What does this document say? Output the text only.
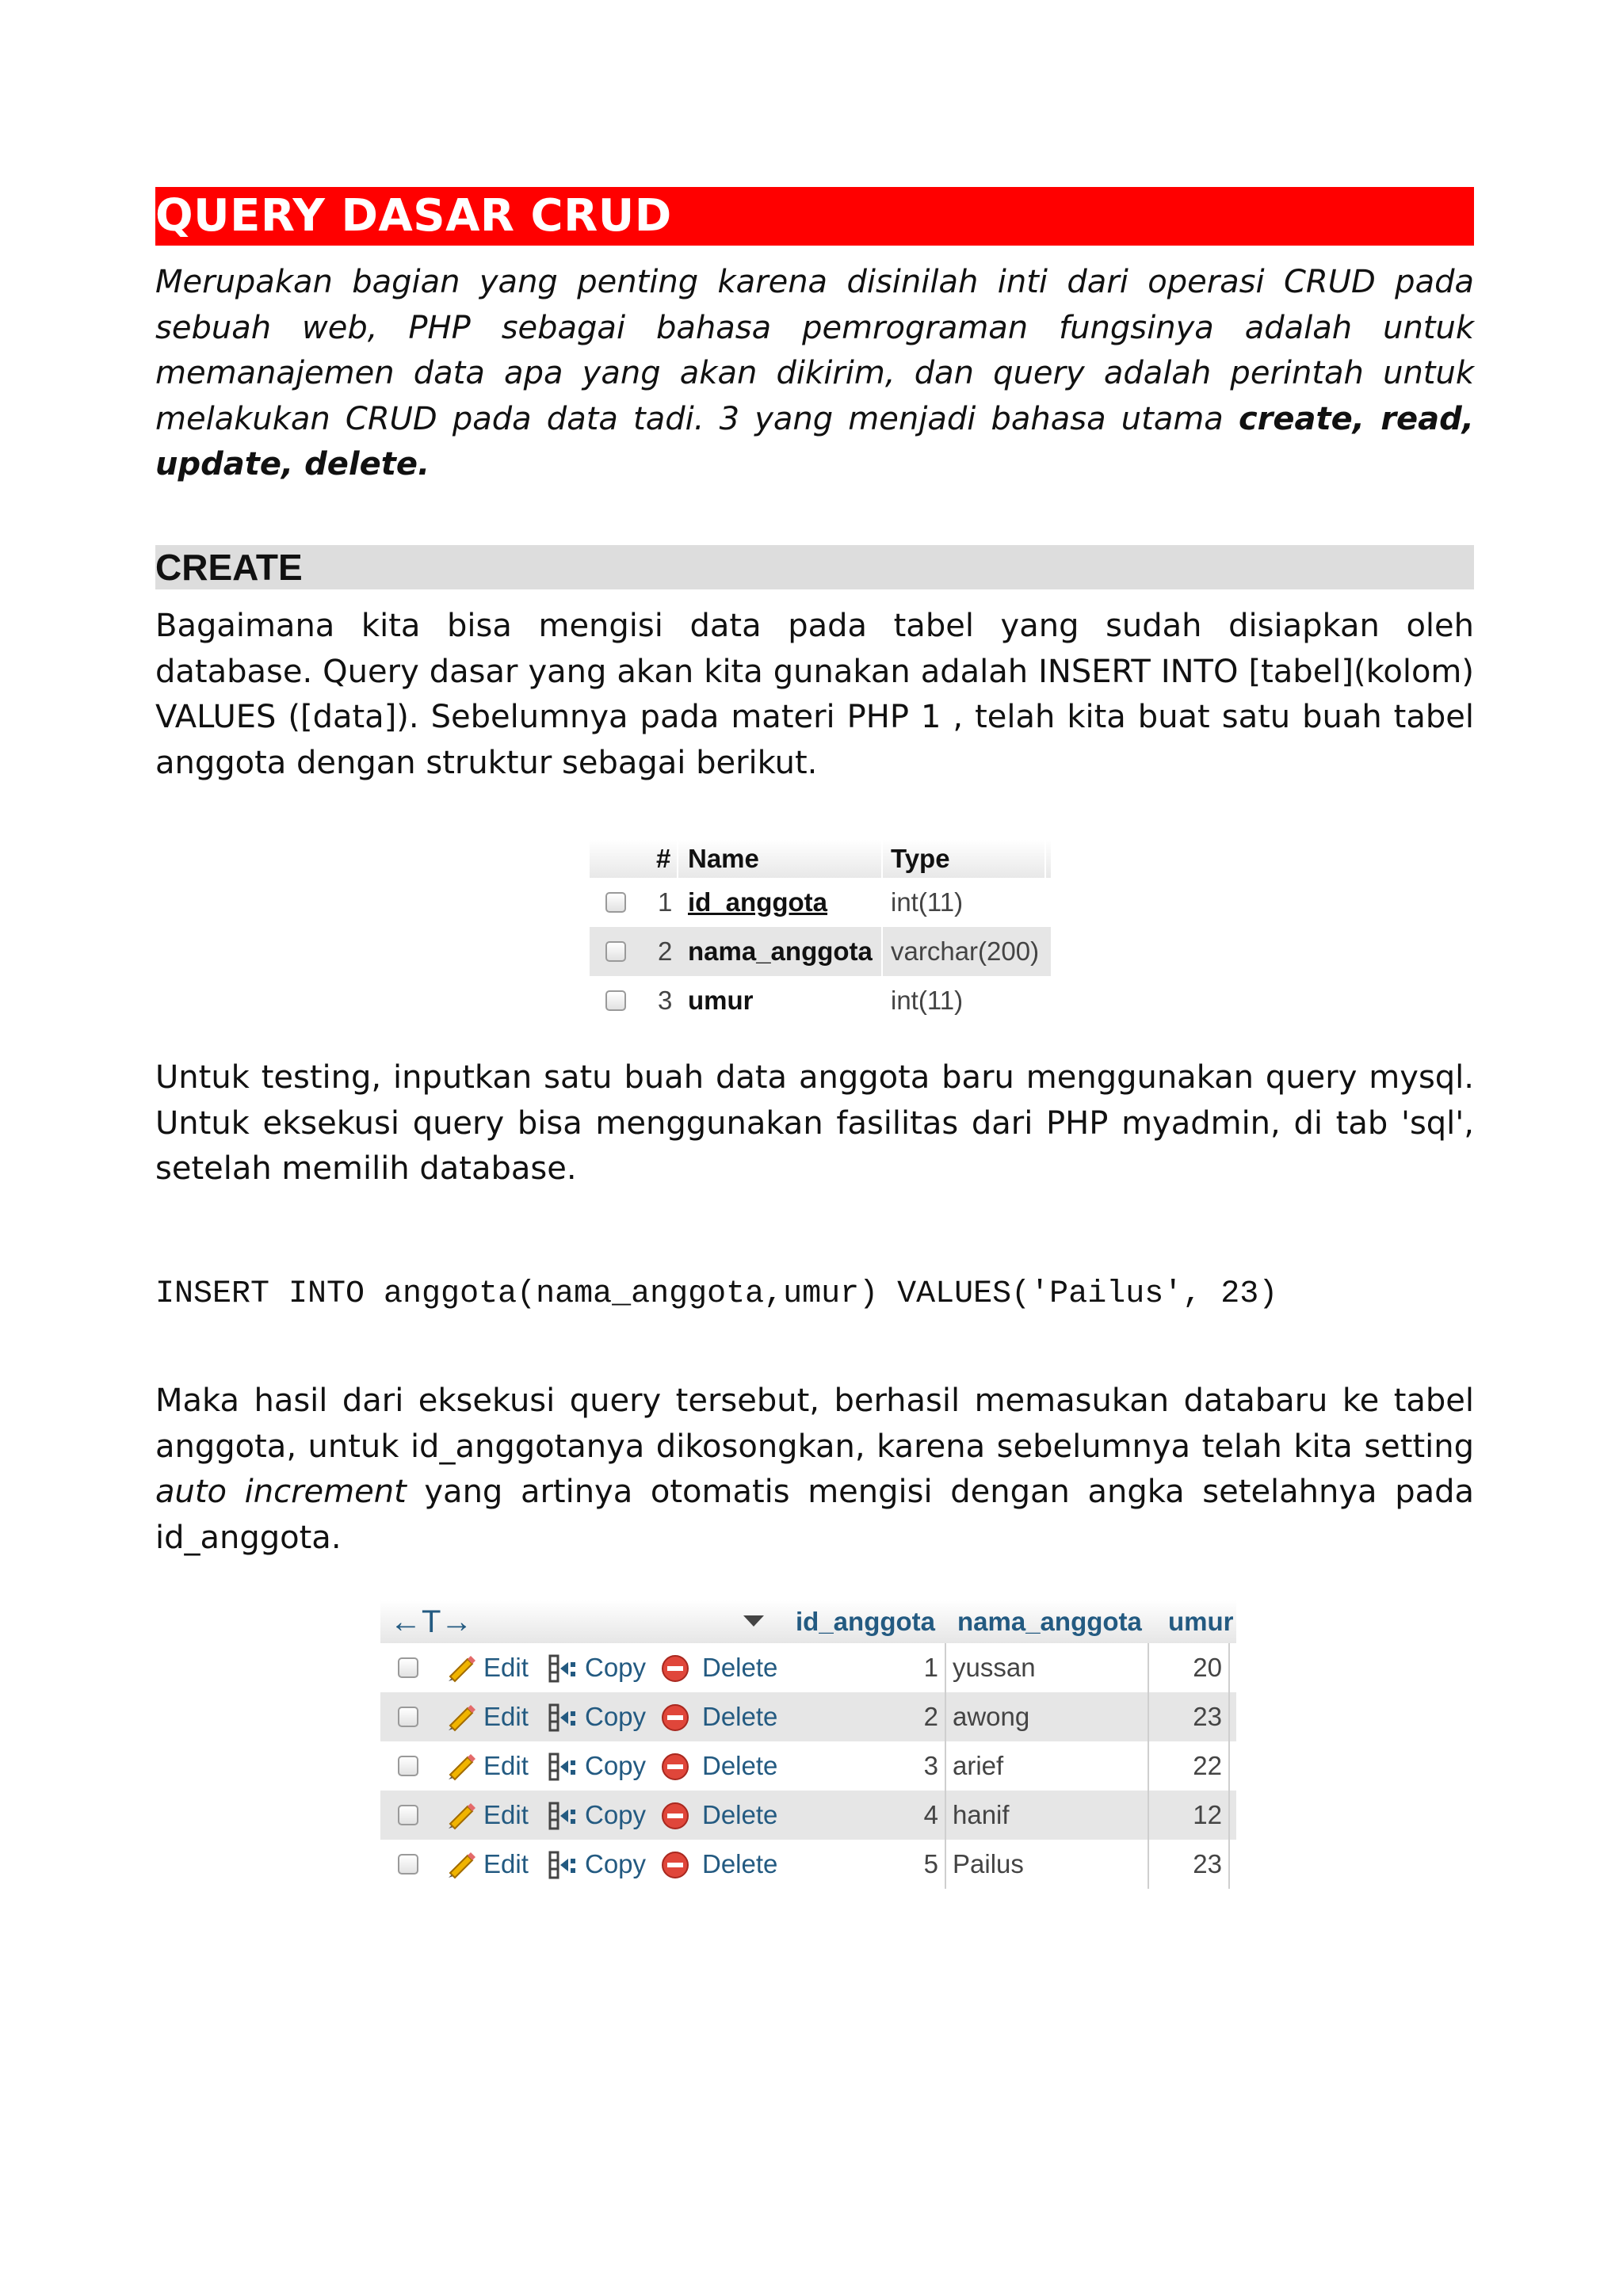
QUERY DASAR CRUD
Merupakan bagian yang penting karena disinilah inti dari operasi CRUD pada sebuah web, PHP sebagai bahasa pemrograman fungsinya adalah untuk memanajemen data apa yang akan dikirim, dan query adalah perintah untuk melakukan CRUD pada data tadi. 3 yang menjadi bahasa utama create, read, update, delete.
CREATE
Bagaimana kita bisa mengisi data pada tabel yang sudah disiapkan oleh database. Query dasar yang akan kita gunakan adalah INSERT INTO [tabel](kolom) VALUES ([data]). Sebelumnya pada materi PHP 1 , telah kita buat satu buah tabel anggota dengan struktur sebagai berikut.
# Name	Type
1 id_anggota int(11)
2 nama_anggota varchar(200)
3 umur	int(11)
Untuk testing, inputkan satu buah data anggota baru menggunakan query mysql. Untuk eksekusi query bisa menggunakan fasilitas dari PHP myadmin, di tab 'sql', setelah memilih database.
INSERT INTO anggota(nama_anggota,umur) VALUES('Pailus', 23)
Maka hasil dari eksekusi query tersebut, berhasil memasukan databaru ke tabel anggota, untuk id_anggotanya dikosongkan, karena sebelumnya telah kita setting auto increment yang artinya otomatis mengisi dengan angka setelahnya pada id_anggota.
←T→	id_anggota nama_anggota umur
Edit Copy Delete	1 yussan	20
Edit Copy Delete	2 awong	23
Edit Copy Delete	3 arief	22
Edit Copy Delete	4 hanif	12
Edit Copy Delete	5 Pailus	23
